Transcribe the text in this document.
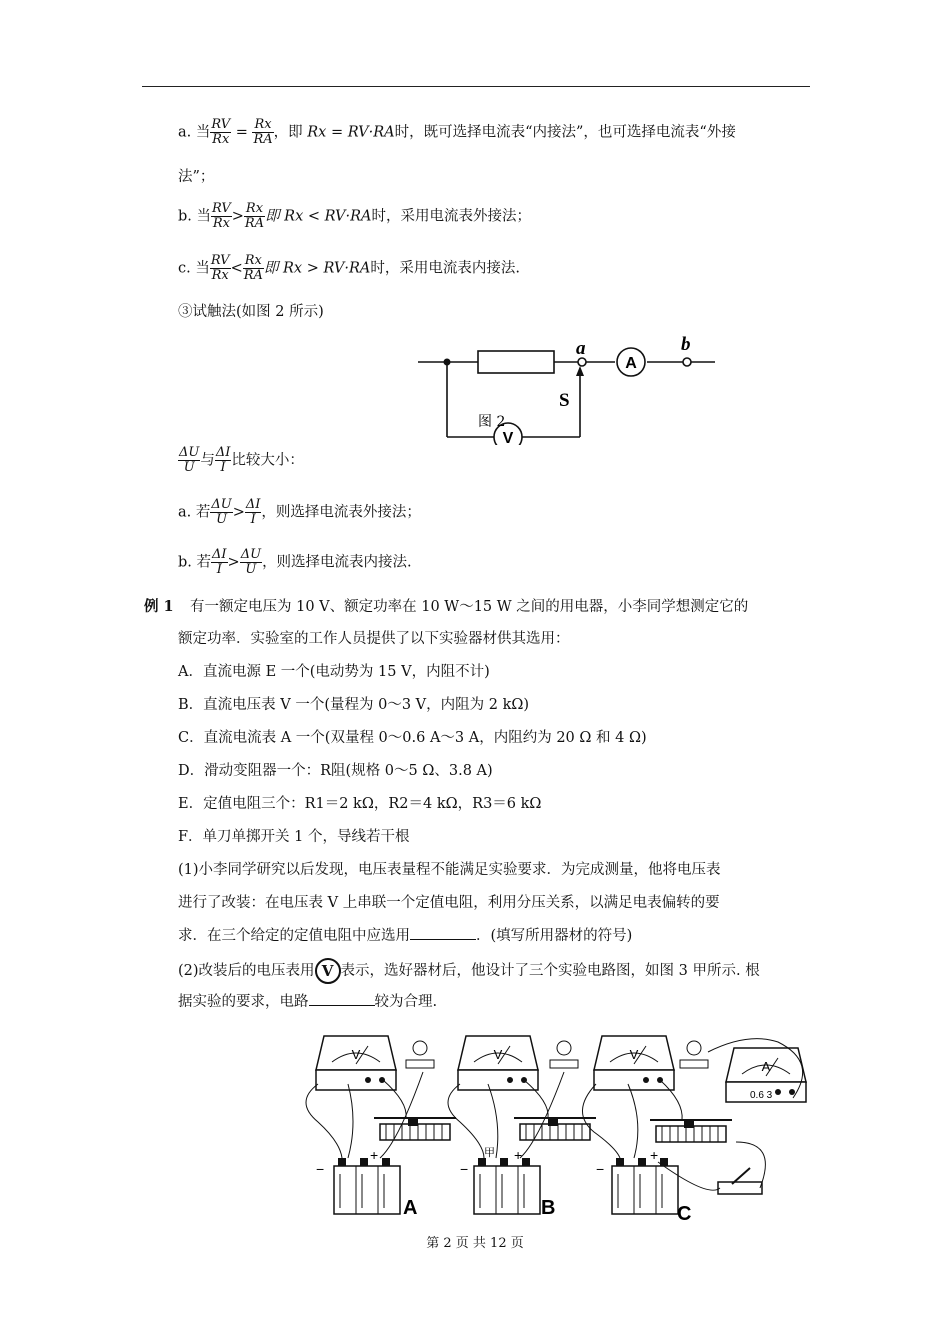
a. 当 $\frac{RV}{Rx} = \frac{Rx}{RA}$ ，即 Rx = RV·RA时，既可选择电流表“内接法”，也可选择电流表“外接
法”；
b. 当 $\frac{RV}{Rx} > \frac{Rx}{RA}$ 即 Rx < RV·RA时，采用电流表外接法；
c. 当 $\frac{RV}{Rx} < \frac{Rx}{RA}$ 即 Rx > RV·RA时，采用电流表内接法.
③试触法(如图 2 所示)
a	b
S
A
V
图 2
$\frac{\Delta U}{U}$ 与 $\frac{\Delta I}{I}$ 比较大小：
a. 若 $\frac{\Delta U}{U} > \frac{\Delta I}{I}$ ，则选择电流表外接法；
b. 若 $\frac{\Delta I}{I} > \frac{\Delta U}{U}$ ，则选择电流表内接法.
例 1 有一额定电压为 10 V、额定功率在 10 W～15 W 之间的用电器，小李同学想测定它的
额定功率．实验室的工作人员提供了以下实验器材供其选用：
A．直流电源 E 一个(电动势为 15 V，内阻不计)
B．直流电压表 V 一个(量程为 0～3 V，内阻为 2 kΩ)
C．直流电流表 A 一个(双量程 0～0.6 A～3 A，内阻约为 20 Ω 和 4 Ω)
D．滑动变阻器一个：R阻(规格 0～5 Ω、3.8 A)
E．定值电阻三个：R1＝2 kΩ，R2＝4 kΩ，R3＝6 kΩ
F．单刀单掷开关 1 个，导线若干根
(1)小李同学研究以后发现，电压表量程不能满足实验要求．为完成测量，他将电压表
进行了改装：在电压表 V 上串联一个定值电阻，利用分压关系，以满足电表偏转的要
求．在三个给定的定值电阻中应选用	．(填写所用器材的符号)
(2)改装后的电压表用 V 表示，选好器材后，他设计了三个实验电路图，如图 3 甲所示. 根
据实验的要求，电路	较为合理.
A	B	C
V	V	V
A
0.6 3
甲
−
+
−
+
−
+
第 2 页 共 12 页
